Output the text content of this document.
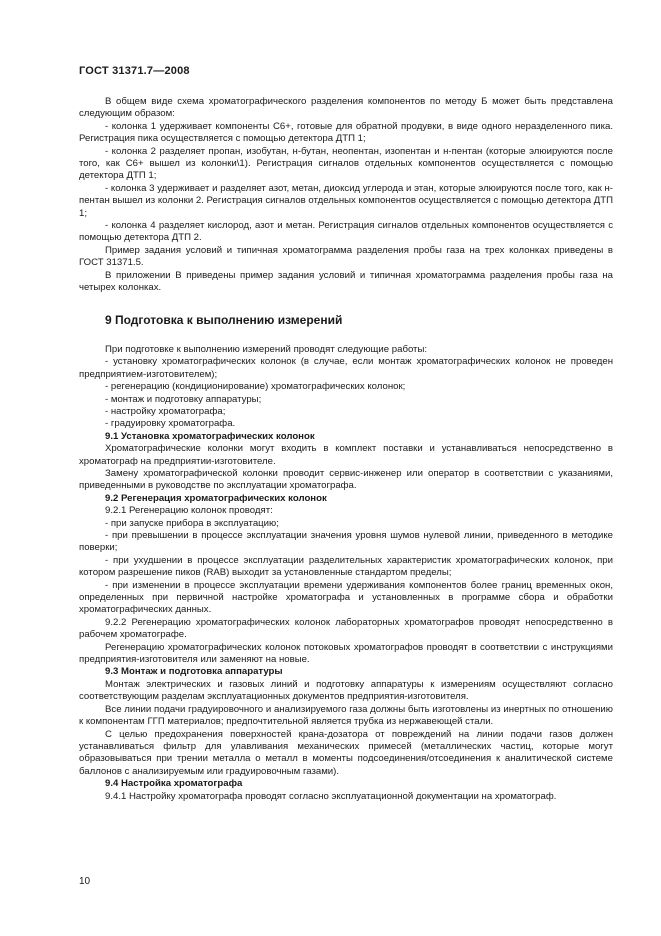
ГОСТ 31371.7—2008

В общем виде схема хроматографического разделения компонентов по методу Б может быть представлена следующим образом:

- колонка 1 удерживает компоненты С6+, готовые для обратной продувки, в виде одного неразделенного пика. Регистрация пика осуществляется с помощью детектора ДТП 1;

- колонка 2 разделяет пропан, изобутан, н-бутан, неопентан, изопентан и н-пентан (которые элюируются после того, как С6+ вышел из колонки\1). Регистрация сигналов отдельных компонентов осуществляется с помощью детектора ДТП 1;

- колонка 3 удерживает и разделяет азот, метан, диоксид углерода и этан, которые элюируются после того, как н-пентан вышел из колонки 2. Регистрация сигналов отдельных компонентов осуществляется с помощью детектора ДТП 1;

- колонка 4 разделяет кислород, азот и метан. Регистрация сигналов отдельных компонентов осуществляется с помощью детектора ДТП 2.

Пример задания условий и типичная хроматограмма разделения пробы газа на трех колонках приведены в ГОСТ 31371.5.

В приложении В приведены пример задания условий и типичная хроматограмма разделения пробы газа на четырех колонках.

9 Подготовка к выполнению измерений

При подготовке к выполнению измерений проводят следующие работы:

- установку хроматографических колонок (в случае, если монтаж хроматографических колонок не проведен предприятием-изготовителем);

- регенерацию (кондиционирование) хроматографических колонок;

- монтаж и подготовку аппаратуры;

- настройку хроматографа;

- градуировку хроматографа.

9.1 Установка хроматографических колонок

Хроматографические колонки могут входить в комплект поставки и устанавливаться непосредственно в хроматограф на предприятии-изготовителе.

Замену хроматографической колонки проводит сервис-инженер или оператор в соответствии с указаниями, приведенными в руководстве по эксплуатации хроматографа.

9.2 Регенерация хроматографических колонок

9.2.1 Регенерацию колонок проводят:

- при запуске прибора в эксплуатацию;

- при превышении в процессе эксплуатации значения уровня шумов нулевой линии, приведенного в методике поверки;

- при ухудшении в процессе эксплуатации разделительных характеристик хроматографических колонок, при котором разрешение пиков (RAB) выходит за установленные стандартом пределы;

- при изменении в процессе эксплуатации времени удерживания компонентов более границ временных окон, определенных при первичной настройке хроматографа и установленных в программе сбора и обработки хроматографических данных.

9.2.2 Регенерацию хроматографических колонок лабораторных хроматографов проводят непосредственно в рабочем хроматографе.

Регенерацию хроматографических колонок потоковых хроматографов проводят в соответствии с инструкциями предприятия-изготовителя или заменяют на новые.

9.3 Монтаж и подготовка аппаратуры

Монтаж электрических и газовых линий и подготовку аппаратуры к измерениям осуществляют согласно соответствующим разделам эксплуатационных документов предприятия-изготовителя.

Все линии подачи градуировочного и анализируемого газа должны быть изготовлены из инертных по отношению к компонентам ГГП материалов; предпочтительной является трубка из нержавеющей стали.

С целью предохранения поверхностей крана-дозатора от повреждений на линии подачи газов должен устанавливаться фильтр для улавливания механических примесей (металлических частиц, которые могут образовываться при трении металла о металл в моменты подсоединения/отсоединения к аналитической системе баллонов с анализируемым или градуировочным газами).

9.4 Настройка хроматографа

9.4.1 Настройку хроматографа проводят согласно эксплуатационной документации на хроматограф.

10
